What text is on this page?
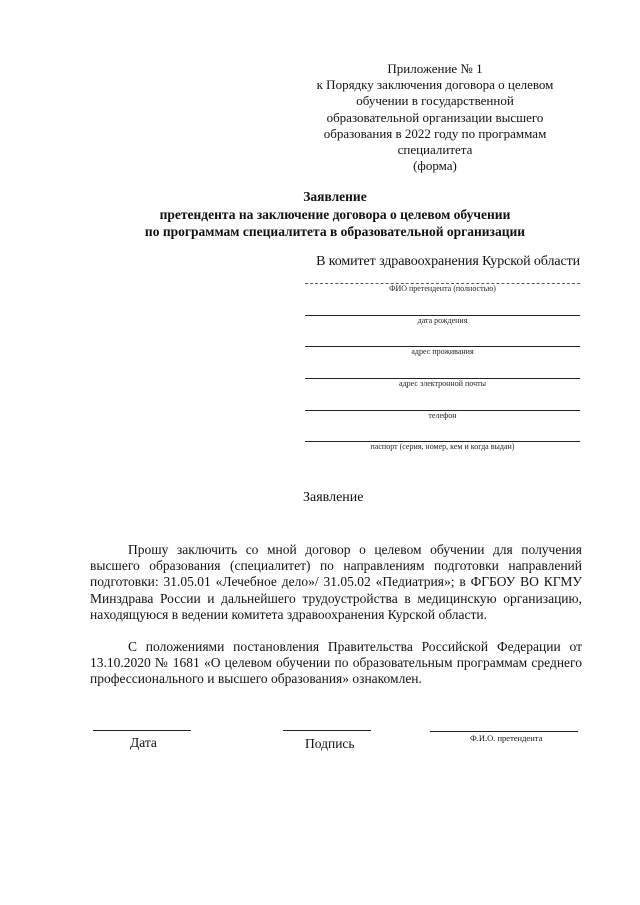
Приложение № 1
к Порядку заключения договора о целевом
обучении в государственной
образовательной организации высшего
образования в 2022 году по программам
специалитета
(форма)
Заявление
претендента на заключение договора о целевом обучении
по программам специалитета в образовательной организации
В комитет здравоохранения Курской области
ФИО претендента (полностью)
дата рождения
адрес проживания
адрес электронной почты
телефон
паспорт (серия, номер, кем и когда выдан)
Заявление
Прошу заключить со мной договор о целевом обучении для получения высшего образования (специалитет) по направлениям подготовки направлений подготовки: 31.05.01 «Лечебное дело»/ 31.05.02 «Педиатрия»; в ФГБОУ ВО КГМУ Минздрава России и дальнейшего трудоустройства в медицинскую организацию, находящуюся в ведении комитета здравоохранения Курской области.
С положениями постановления Правительства Российской Федерации от 13.10.2020 № 1681 «О целевом обучении по образовательным программам среднего профессионального и высшего образования» ознакомлен.
Дата	Подпись	Ф.И.О. претендента
